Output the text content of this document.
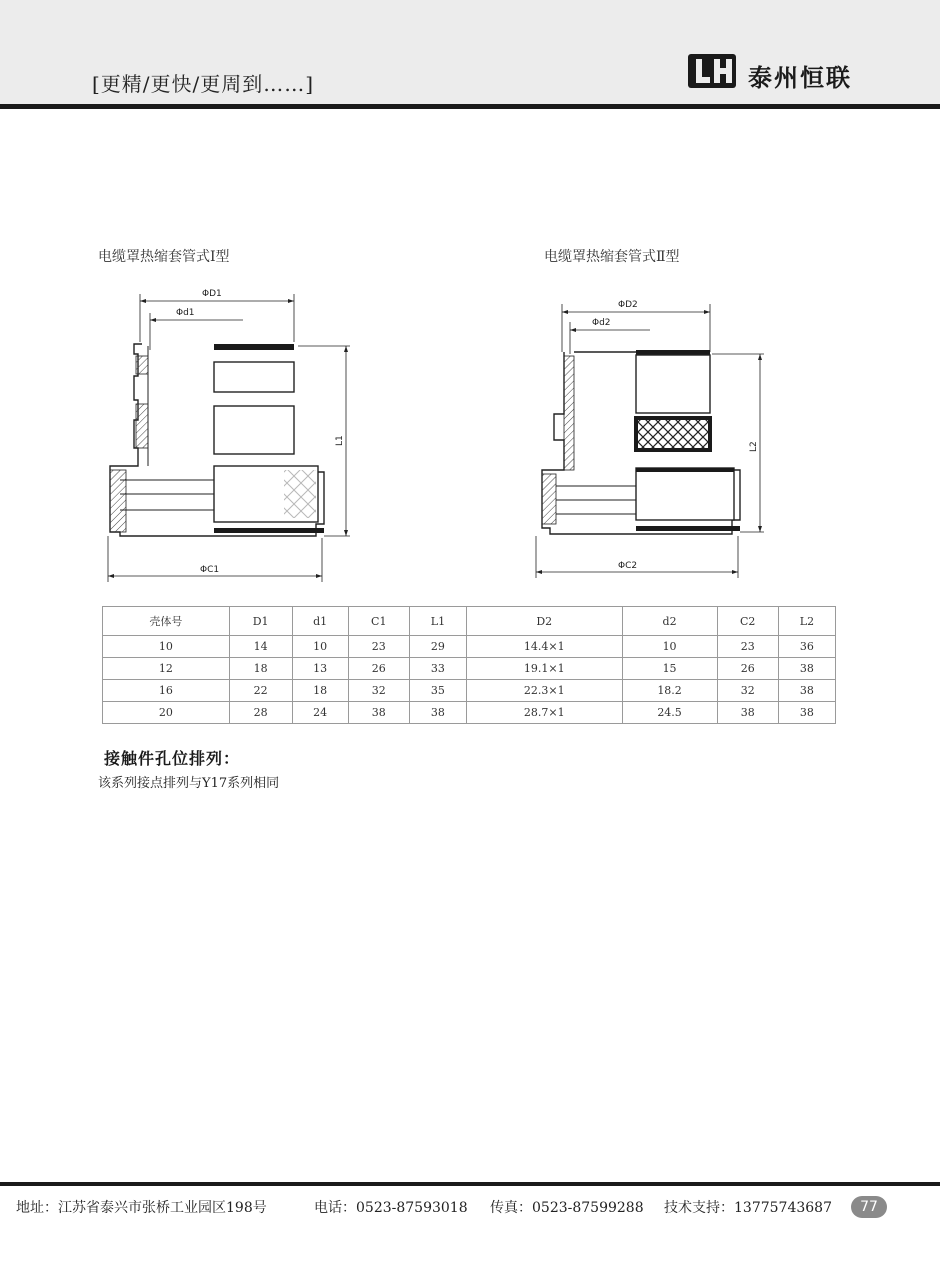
[更精/更快/更周到……]	泰州恒联
电缆罩热缩套管式Ⅰ型
ΦD1
Φd1
L1
ΦC1
电缆罩热缩套管式Ⅱ型
ΦD2
Φd2
L2
ΦC2
壳体号	D1	d1	C1	L1	D2	d2	C2	L2
10	14	10	23	29	14.4×1	10	23	36
12	18	13	26	33	19.1×1	15	26	38
16	22	18	32	35	22.3×1	18.2	32	38
20	28	24	38	38	28.7×1	24.5	38	38
接触件孔位排列：
该系列接点排列与Y17系列相同
地址：江苏省泰兴市张桥工业园区198号	电话：0523-87593018 传真：0523-87599288 技术支持：13775743687	77
